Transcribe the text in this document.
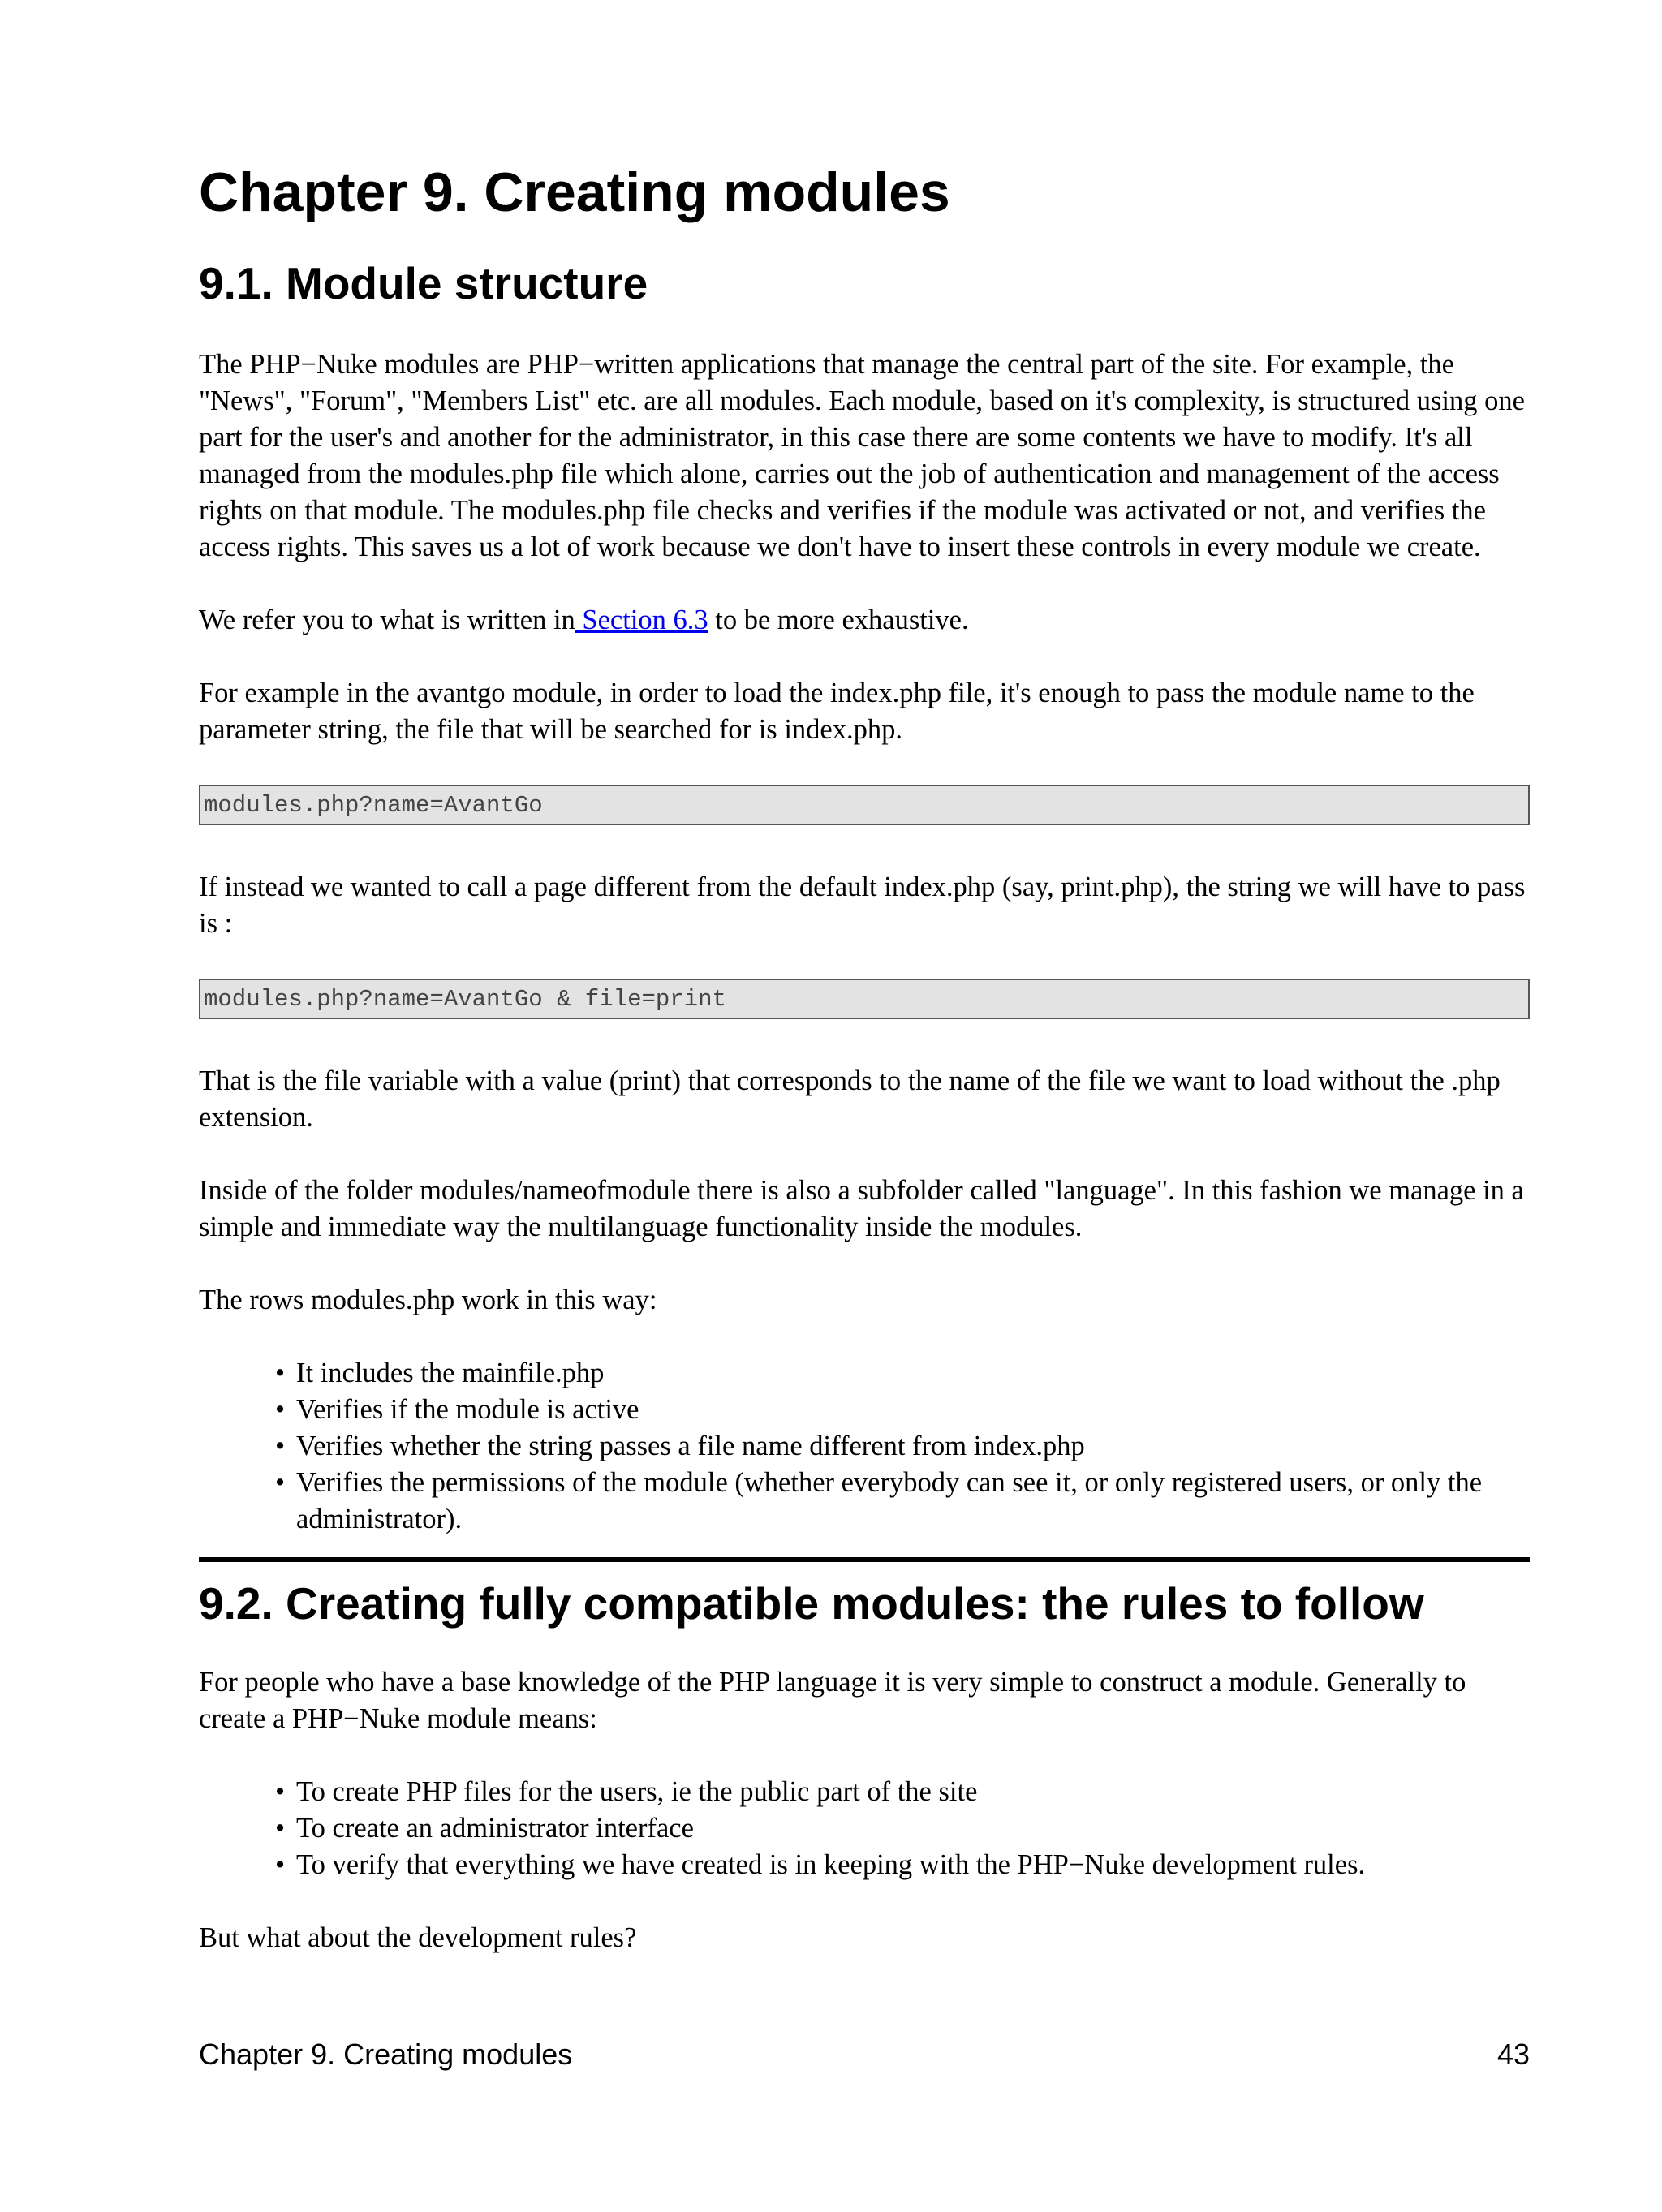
Chapter 9. Creating modules
9.1. Module structure

The PHP−Nuke modules are PHP−written applications that manage the central part of the site. For example, the "News", "Forum", "Members List" etc. are all modules. Each module, based on it's complexity, is structured using one part for the user's and another for the administrator, in this case there are some contents we have to modify. It's all managed from the modules.php file which alone, carries out the job of authentication and management of the access rights on that module. The modules.php file checks and verifies if the module was activated or not, and verifies the access rights. This saves us a lot of work because we don't have to insert these controls in every module we create.

We refer you to what is written in Section 6.3 to be more exhaustive.

For example in the avantgo module, in order to load the index.php file, it's enough to pass the module name to the parameter string, the file that will be searched for is index.php.

modules.php?name=AvantGo

If instead we wanted to call a page different from the default index.php (say, print.php), the string we will have to pass is :

modules.php?name=AvantGo & file=print

That is the file variable with a value (print) that corresponds to the name of the file we want to load without the .php extension.

Inside of the folder modules/nameofmodule there is also a subfolder called "language". In this fashion we manage in a simple and immediate way the multilanguage functionality inside the modules.

The rows modules.php work in this way:

• It includes the mainfile.php
• Verifies if the module is active
• Verifies whether the string passes a file name different from index.php
• Verifies the permissions of the module (whether everybody can see it, or only registered users, or only the administrator).
9.2. Creating fully compatible modules: the rules to follow

For people who have a base knowledge of the PHP language it is very simple to construct a module. Generally to create a PHP−Nuke module means:

• To create PHP files for the users, ie the public part of the site
• To create an administrator interface
• To verify that everything we have created is in keeping with the PHP−Nuke development rules.

But what about the development rules?

Chapter 9. Creating modules	43
